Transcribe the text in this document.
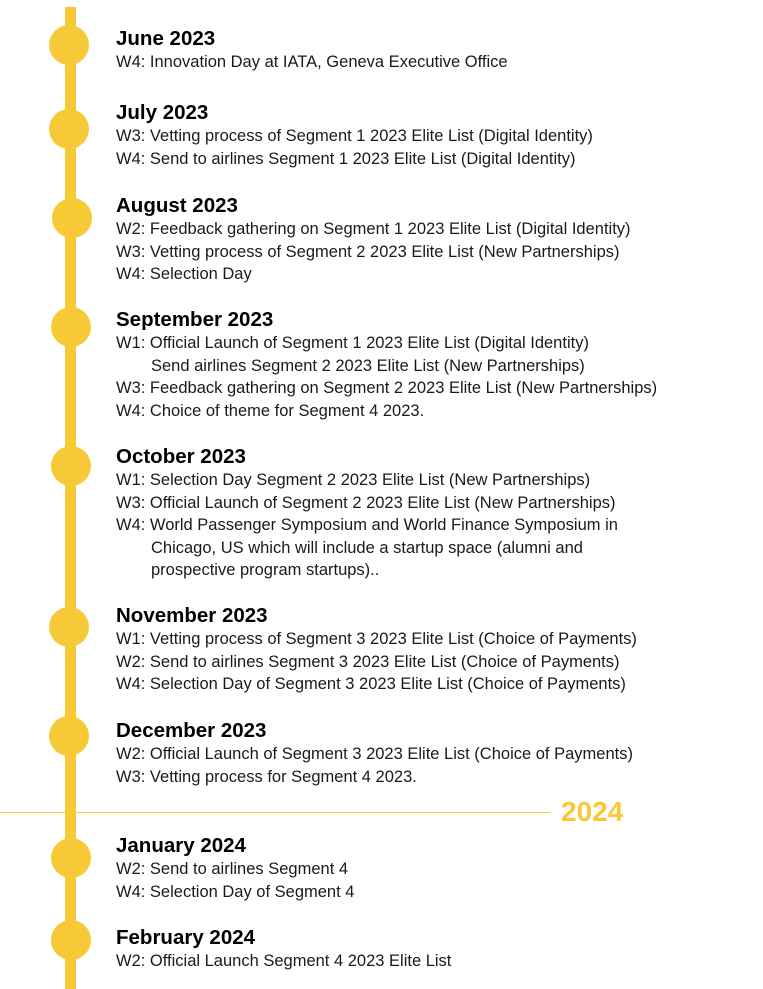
2024
June 2023
W4: Innovation Day at IATA, Geneva Executive Office
July 2023
W3: Vetting process of Segment 1 2023 Elite List (Digital Identity)
W4: Send to airlines Segment 1 2023 Elite List (Digital Identity)
August 2023
W2: Feedback gathering on Segment 1 2023 Elite List (Digital Identity)
W3: Vetting process of Segment 2 2023 Elite List (New Partnerships)
W4: Selection Day
September 2023
W1: Official Launch of Segment 1 2023 Elite List (Digital Identity)
Send airlines Segment 2 2023 Elite List (New Partnerships)
W3: Feedback gathering on Segment 2 2023 Elite List (New Partnerships)
W4: Choice of theme for Segment 4 2023.
October 2023
W1: Selection Day Segment 2 2023 Elite List (New Partnerships)
W3: Official Launch of Segment 2 2023 Elite List (New Partnerships)
W4: World Passenger Symposium and World Finance Symposium in
Chicago, US which will include a startup space (alumni and
prospective program startups)..
November 2023
W1: Vetting process of Segment 3 2023 Elite List (Choice of Payments)
W2: Send to airlines Segment 3 2023 Elite List (Choice of Payments)
W4: Selection Day of Segment 3 2023 Elite List (Choice of Payments)
December 2023
W2: Official Launch of Segment 3 2023 Elite List (Choice of Payments)
W3: Vetting process for Segment 4 2023.
January 2024
W2: Send to airlines Segment 4
W4: Selection Day of Segment 4
February 2024
W2: Official Launch Segment 4 2023 Elite List
